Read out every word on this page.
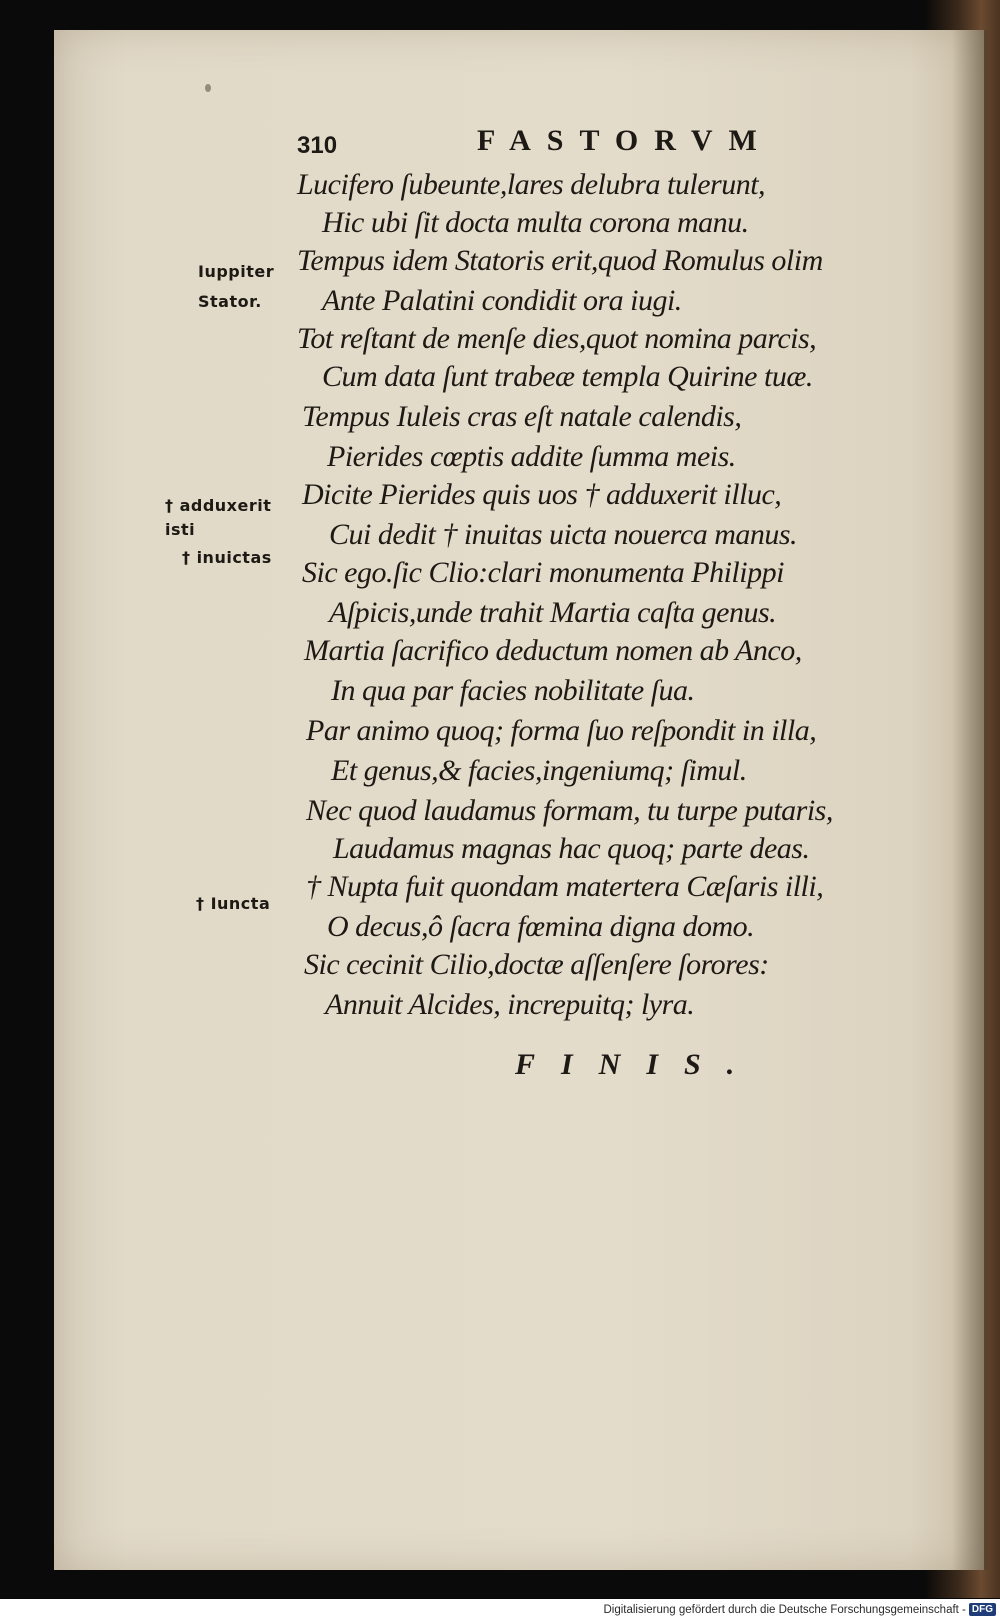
310	FASTORVM
Lucifero ſubeunte,lares delubra tulerunt,
Hic ubi ſit docta multa corona manu.
Tempus idem Statoris erit,quod Romulus olim
Ante Palatini condidit ora iugi.
Tot reſtant de menſe dies,quot nomina parcis,
Cum data ſunt trabeæ templa Quirine tuæ.
Tempus Iuleis cras eſt natale calendis,
Pierides cœptis addite ſumma meis.
Dicite Pierides quis uos † adduxerit illuc,
Cui dedit † inuitas uicta nouerca manus.
Sic ego.ſic Clio:clari monumenta Philippi
Aſpicis,unde trahit Martia caſta genus.
Martia ſacrifico deductum nomen ab Anco,
In qua par facies nobilitate ſua.
Par animo quoq; forma ſuo reſpondit in illa,
Et genus,& facies,ingeniumq; ſimul.
Nec quod laudamus formam, tu turpe putaris,
Laudamus magnas hac quoq; parte deas.
† Nupta fuit quondam matertera Cæſaris illi,
O decus,ô ſacra fœmina digna domo.
Sic cecinit Cilio,doctæ aſſenſere ſorores:
Annuit Alcides, increpuitq; lyra.
Iuppiter
Stator.
† adduxerit
isti
† inuictas
† Iuncta
FINIS.
Digitalisierung gefördert durch die Deutsche Forschungsgemeinschaft - DFG
